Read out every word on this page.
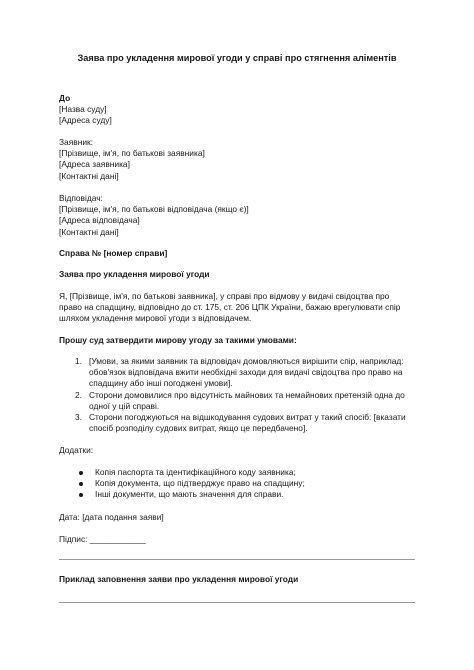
Заява про укладення мирової угоди у справі про стягнення аліментів
До
[Назва суду]
[Адреса суду]
Заявник:
[Прізвище, ім'я, по батькові заявника]
[Адреса заявника]
[Контактні дані]
Відповідач:
[Прізвище, ім'я, по батькові відповідача (якщо є)]
[Адреса відповідача]
[Контактні дані]
Справа № [номер справи]
Заява про укладення мирової угоди
Я, [Прізвище, ім'я, по батькові заявника], у справі про відмову у видачі свідоцтва про право на спадщину, відповідно до ст. 175, ст. 206 ЦПК України, бажаю врегулювати спір шляхом укладення мирової угоди з відповідачем.
Прошу суд затвердити мирову угоду за такими умовами:
1. [Умови, за якими заявник та відповідач домовляються вирішити спір, наприклад: обов'язок відповідача вжити необхідні заходи для видачі свідоцтва про право на спадщину або інші погоджені умови].
2. Сторони домовилися про відсутність майнових та немайнових претензій одна до одної у цій справі.
3. Сторони погоджуються на відшкодування судових витрат у такий спосіб: [вказати спосіб розподілу судових витрат, якщо це передбачено].
Додатки:
Копія паспорта та ідентифікаційного коду заявника;
Копія документа, що підтверджує право на спадщину;
Інші документи, що мають значення для справи.
Дата: [дата подання заяви]
Підпис: ____________
Приклад заповнення заяви про укладення мирової угоди
